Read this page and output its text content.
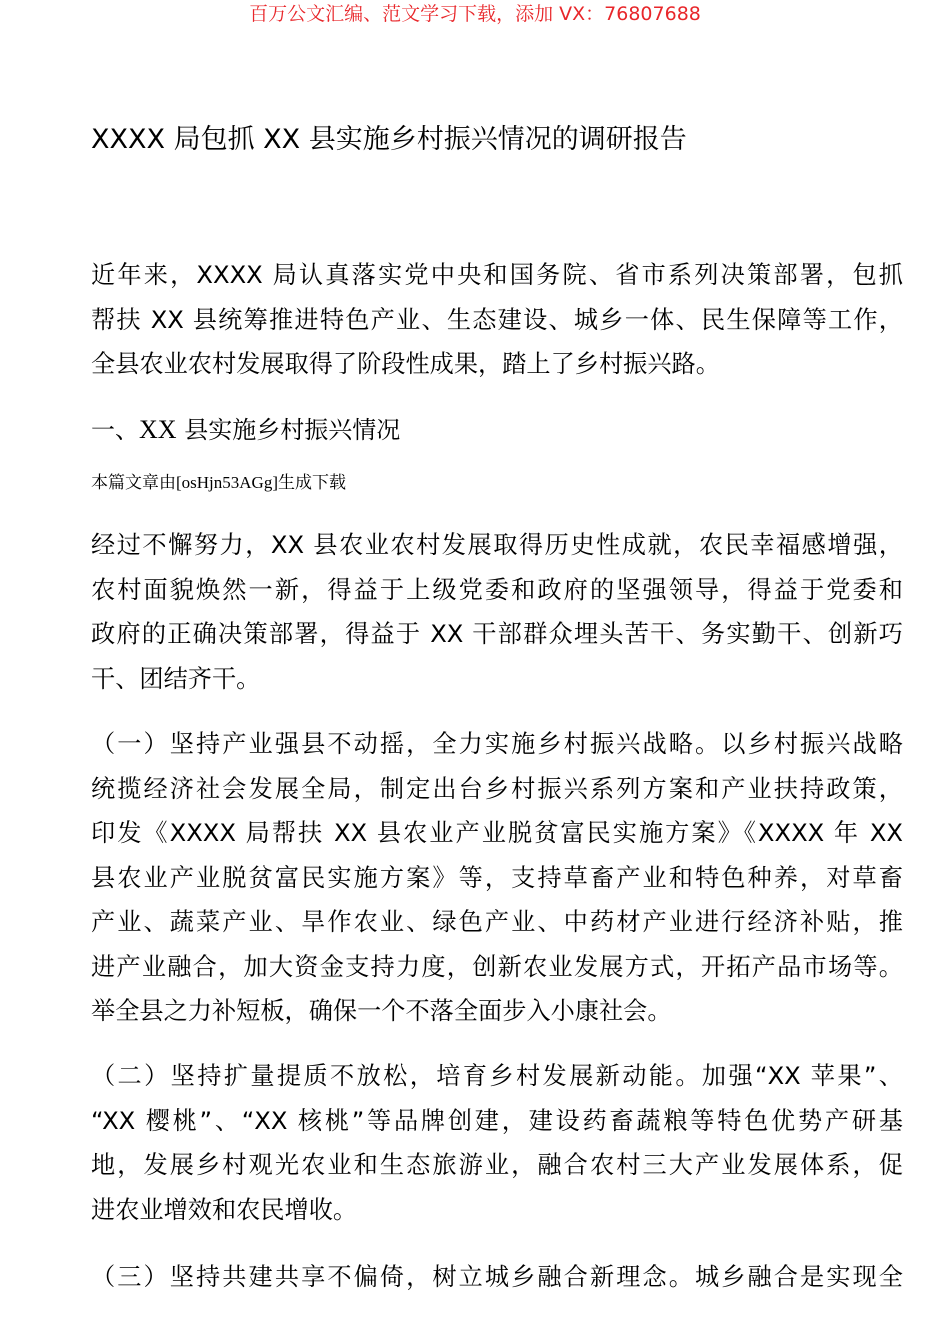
百万公文汇编、范文学习下载，添加 VX：76807688
XXXX 局包抓 XX 县实施乡村振兴情况的调研报告
近年来，XXXX 局认真落实党中央和国务院、省市系列决策部署，包抓
帮扶 XX 县统筹推进特色产业、生态建设、城乡一体、民生保障等工作，
全县农业农村发展取得了阶段性成果，踏上了乡村振兴路。
一、XX 县实施乡村振兴情况
本篇文章由[osHjn53AGg]生成下载
经过不懈努力，XX 县农业农村发展取得历史性成就，农民幸福感增强，
农村面貌焕然一新，得益于上级党委和政府的坚强领导，得益于党委和
政府的正确决策部署，得益于 XX 干部群众埋头苦干、务实勤干、创新巧
干、团结齐干。
（一）坚持产业强县不动摇，全力实施乡村振兴战略。以乡村振兴战略
统揽经济社会发展全局，制定出台乡村振兴系列方案和产业扶持政策，
印发《XXXX 局帮扶 XX 县农业产业脱贫富民实施方案》《XXXX 年 XX
县农业产业脱贫富民实施方案》等，支持草畜产业和特色种养，对草畜
产业、蔬菜产业、旱作农业、绿色产业、中药材产业进行经济补贴，推
进产业融合，加大资金支持力度，创新农业发展方式，开拓产品市场等。
举全县之力补短板，确保一个不落全面步入小康社会。
（二）坚持扩量提质不放松，培育乡村发展新动能。加强“XX 苹果”、
“XX 樱桃”、“XX 核桃”等品牌创建，建设药畜蔬粮等特色优势产研基
地，发展乡村观光农业和生态旅游业，融合农村三大产业发展体系，促
进农业增效和农民增收。
（三）坚持共建共享不偏倚，树立城乡融合新理念。城乡融合是实现全
